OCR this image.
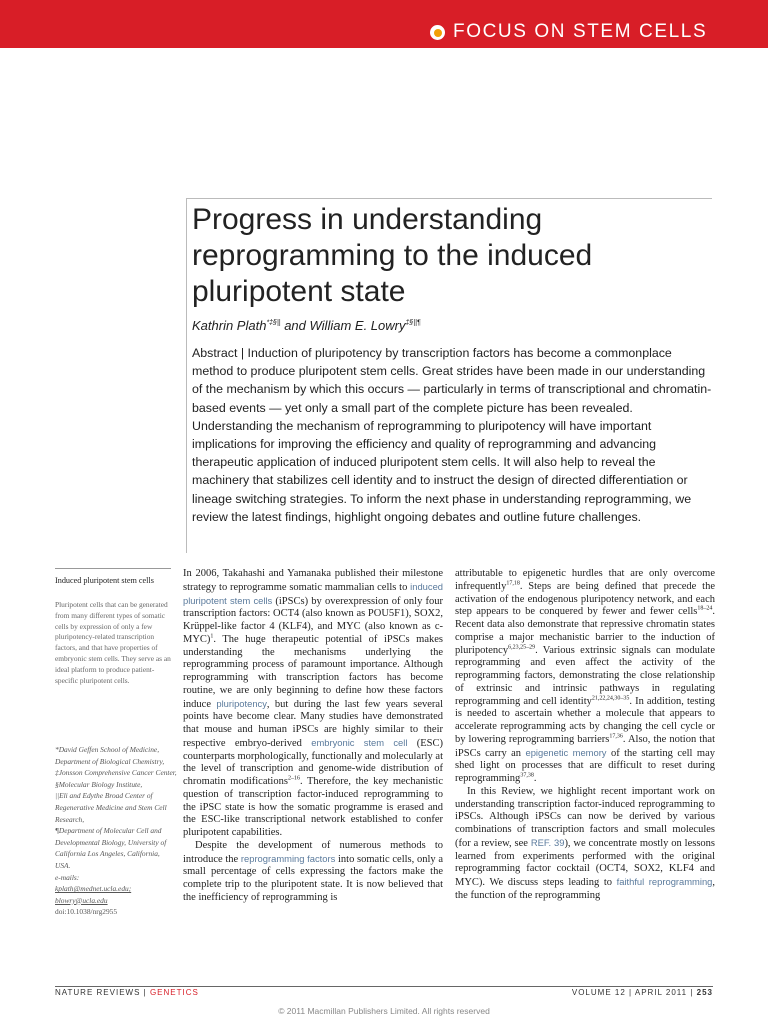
FOCUS ON STEM CELLS
Progress in understanding reprogramming to the induced pluripotent state
Kathrin Plath*‡§|| and William E. Lowry‡§||¶

Abstract | Induction of pluripotency by transcription factors has become a commonplace method to produce pluripotent stem cells. Great strides have been made in our understanding of the mechanism by which this occurs — particularly in terms of transcriptional and chromatin-based events — yet only a small part of the complete picture has been revealed. Understanding the mechanism of reprogramming to pluripotency will have important implications for improving the efficiency and quality of reprogramming and advancing therapeutic application of induced pluripotent stem cells. It will also help to reveal the machinery that stabilizes cell identity and to instruct the design of directed differentiation or lineage switching strategies. To inform the next phase in understanding reprogramming, we review the latest findings, highlight ongoing debates and outline future challenges.

Induced pluripotent stem cells
Pluripotent cells that can be generated from many different types of somatic cells by expression of only a few pluripotency-related transcription factors, and that have properties of embryonic stem cells. They serve as an ideal platform to produce patient-specific pluripotent cells.

*David Geffen School of Medicine, Department of Biological Chemistry,

‡Jonsson Comprehensive Cancer Center,

§Molecular Biology Institute,

||Eli and Edythe Broad Center of Regenerative Medicine and Stem Cell Research,

¶Department of Molecular Cell and Developmental Biology, University of California Los Angeles, California, USA.

e-mails:

kplath@mednet.ucla.edu;

blowry@ucla.edu

doi:10.1038/nrg2955

In 2006, Takahashi and Yamanaka published their milestone strategy to reprogramme somatic mammalian cells to induced pluripotent stem cells (iPSCs) by overexpression of only four transcription factors: OCT4 (also known as POU5F1), SOX2, Krüppel-like factor 4 (KLF4), and MYC (also known as c-MYC)$^1$. The huge therapeutic potential of iPSCs makes understanding the mechanisms underlying the reprogramming process of paramount importance. Although reprogramming with transcription factors has become routine, we are only beginning to define how these factors induce pluripotency, but during the last few years several points have become clear. Many studies have demonstrated that mouse and human iPSCs are highly similar to their respective embryo-derived embryonic stem cell (ESC) counterparts morphologically, functionally and molecularly at the level of transcription and genome-wide distribution of chromatin modifications$^{2-16}$. Therefore, the key mechanistic question of transcription factor-induced reprogramming to the iPSC state is how the somatic programme is erased and the ESC-like transcriptional network established to confer pluripotent capabilities.

Despite the development of numerous methods to introduce the reprogramming factors into somatic cells, only a small percentage of cells expressing the factors make the complete trip to the pluripotent state. It is now believed that the inefficiency of reprogramming is

attributable to epigenetic hurdles that are only overcome infrequently$^{17,18}$. Steps are being defined that precede the activation of the endogenous pluripotency network, and each step appears to be conquered by fewer and fewer cells$^{18-24}$. Recent data also demonstrate that repressive chromatin states comprise a major mechanistic barrier to the induction of pluripotency$^{6,23,25-29}$. Various extrinsic signals can modulate reprogramming and even affect the activity of the reprogramming factors, demonstrating the close relationship of extrinsic and intrinsic pathways in regulating reprogramming and cell identity$^{21,22,24,30-35}$. In addition, testing is needed to ascertain whether a molecule that appears to accelerate reprogramming acts by changing the cell cycle or by lowering reprogramming barriers$^{17,36}$. Also, the notion that iPSCs carry an epigenetic memory of the starting cell may shed light on processes that are difficult to reset during reprogramming$^{37,38}$.

In this Review, we highlight recent important work on understanding transcription factor-induced reprogramming to iPSCs. Although iPSCs can now be derived by various combinations of transcription factors and small molecules (for a review, see REF. 39), we concentrate mostly on lessons learned from experiments performed with the original reprogramming factor cocktail (OCT4, SOX2, KLF4 and MYC). We discuss steps leading to faithful reprogramming, the function of the reprogramming

NATURE REVIEWS | GENETICS	VOLUME 12 | APRIL 2011 | 253
© 2011 Macmillan Publishers Limited. All rights reserved
